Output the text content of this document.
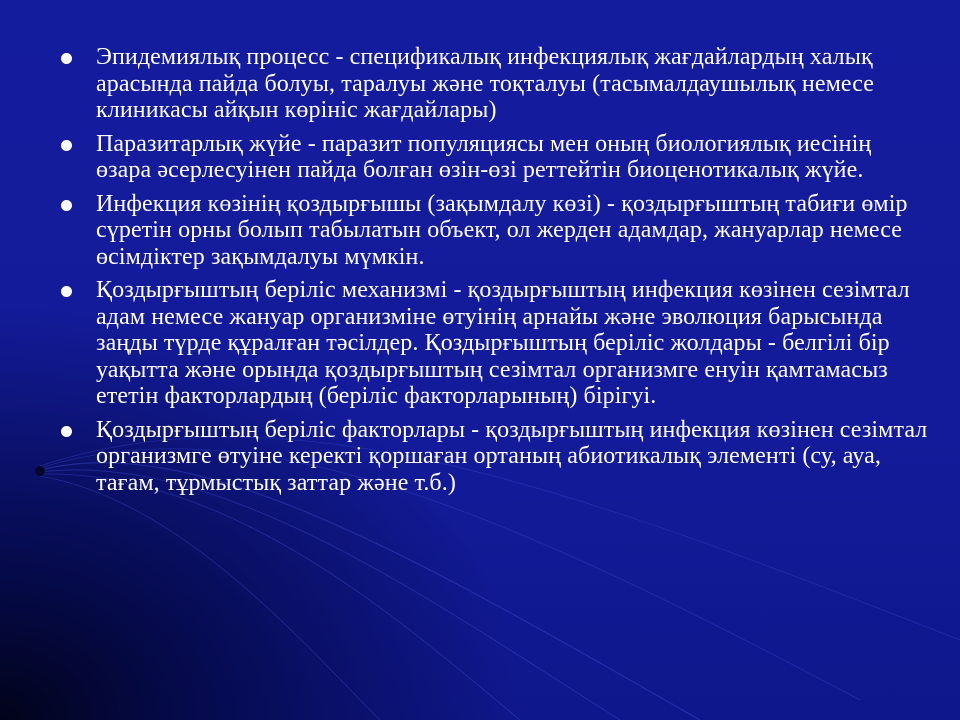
Эпидемиялық процесс - спецификалық инфекциялық жағдайлардың халық арасында пайда болуы, таралуы және тоқталуы (тасымалдаушылық немесе клиникасы айқын көрініс жағдайлары)
Паразитарлық жүйе - паразит популяциясы мен оның биологиялық иесінің өзара әсерлесуінен пайда болған өзін-өзі реттейтін биоценотикалық жүйе.
Инфекция көзінің қоздырғышы (зақымдалу көзі) - қоздырғыштың табиғи өмір сүретін орны болып табылатын объект, ол жерден адамдар, жануарлар немесе өсімдіктер зақымдалуы мүмкін.
Қоздырғыштың беріліс механизмі - қоздырғыштың инфекция көзінен сезімтал адам немесе жануар организміне өтуінің арнайы және эволюция барысында заңды түрде құралған тәсілдер. Қоздырғыштың беріліс жолдары - белгілі бір уақытта және орында қоздырғыштың сезімтал организмге енуін қамтамасыз ететін факторлардың (беріліс факторларының) бірігуі.
Қоздырғыштың беріліс факторлары - қоздырғыштың инфекция көзінен сезімтал организмге өтуіне керекті қоршаған ортаның абиотикалық элементі (су, ауа, тағам, тұрмыстық заттар және т.б.)
